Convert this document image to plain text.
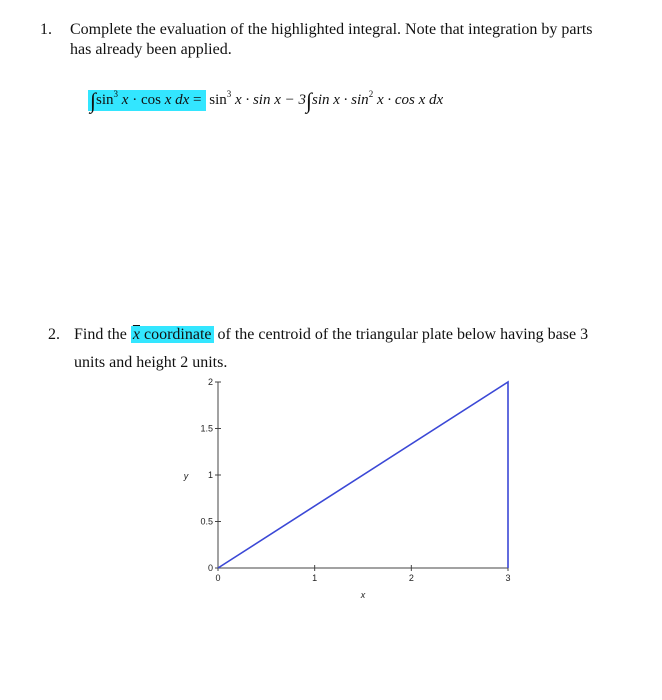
1. Complete the evaluation of the highlighted integral. Note that integration by parts
has already been applied.
$\int\sin^3$ x · cos x dx = $\sin^3 x \cdot \sin x - 3\int\sin$ $x \cdot \sin^2 x \cdot \cos x$ dx
2. Find the $\overline{x}$ coordinate of the centroid of the triangular plate below having base 3
units and height 2 units.
x
y
0	1	2	3
0
0.5
1
1.5
2
